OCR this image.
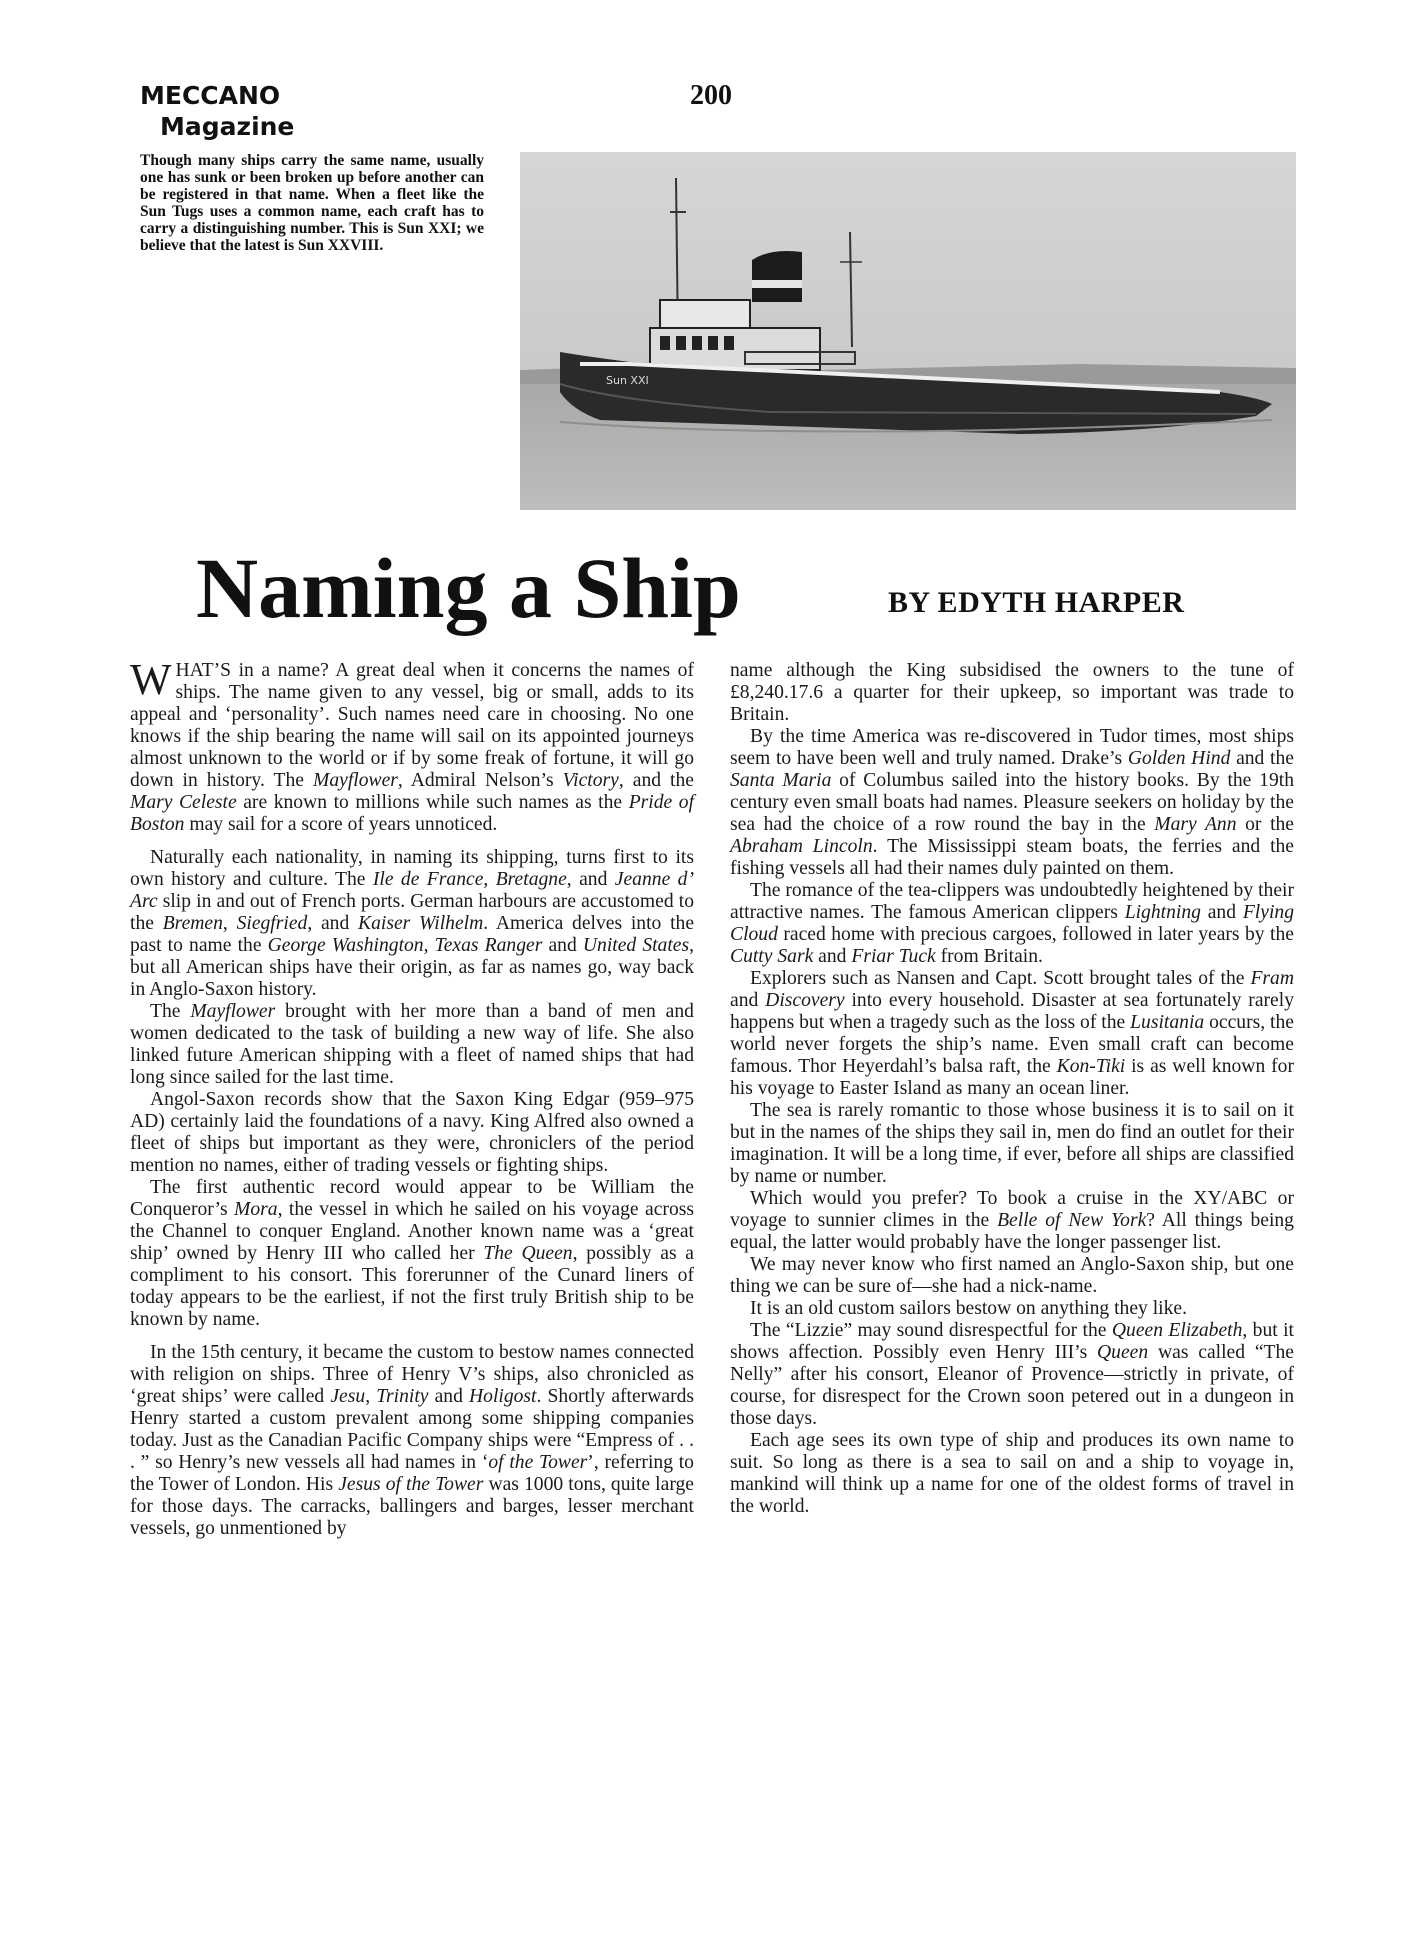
MECCANO
Magazine
200
Though many ships carry the same name, usually one has sunk or been broken up before another can be registered in that name. When a fleet like the Sun Tugs uses a common name, each craft has to carry a distinguishing number. This is Sun XXI; we believe that the latest is Sun XXVIII.
Sun XXI
Naming a Ship	BY EDYTH HARPER
W HAT’S in a name? A great deal when it concerns the names of ships. The name given to any vessel, big or small, adds to its appeal and ‘personality’. Such names need care in choosing. No one knows if the ship bearing the name will sail on its appointed journeys almost unknown to the world or if by some freak of fortune, it will go down in history. The Mayflower, Admiral Nelson’s Victory, and the Mary Celeste are known to millions while such names as the Pride of Boston may sail for a score of years unnoticed.

Naturally each nationality, in naming its shipping, turns first to its own history and culture. The Ile de France, Bretagne, and Jeanne d’ Arc slip in and out of French ports. German harbours are accustomed to the Bremen, Siegfried, and Kaiser Wilhelm. America delves into the past to name the George Washington, Texas Ranger and United States, but all American ships have their origin, as far as names go, way back in Anglo-Saxon history.

The Mayflower brought with her more than a band of men and women dedicated to the task of building a new way of life. She also linked future American shipping with a fleet of named ships that had long since sailed for the last time.

Angol-Saxon records show that the Saxon King Edgar (959–975 AD) certainly laid the foundations of a navy. King Alfred also owned a fleet of ships but important as they were, chroniclers of the period mention no names, either of trading vessels or fighting ships.

The first authentic record would appear to be William the Conqueror’s Mora, the vessel in which he sailed on his voyage across the Channel to conquer England. Another known name was a ‘great ship’ owned by Henry III who called her The Queen, possibly as a compliment to his consort. This forerunner of the Cunard liners of today appears to be the earliest, if not the first truly British ship to be known by name.

In the 15th century, it became the custom to bestow names connected with religion on ships. Three of Henry V’s ships, also chronicled as ‘great ships’ were called Jesu, Trinity and Holigost. Shortly afterwards Henry started a custom prevalent among some shipping companies today. Just as the Canadian Pacific Company ships were “Empress of . . . ” so Henry’s new vessels all had names in ‘of the Tower’, referring to the Tower of London. His Jesus of the Tower was 1000 tons, quite large for those days. The carracks, ballingers and barges, lesser merchant vessels, go unmentioned by

name although the King subsidised the owners to the tune of £8,240.17.6 a quarter for their upkeep, so important was trade to Britain.

By the time America was re-discovered in Tudor times, most ships seem to have been well and truly named. Drake’s Golden Hind and the Santa Maria of Columbus sailed into the history books. By the 19th century even small boats had names. Pleasure seekers on holiday by the sea had the choice of a row round the bay in the Mary Ann or the Abraham Lincoln. The Mississippi steam boats, the ferries and the fishing vessels all had their names duly painted on them.

The romance of the tea-clippers was undoubtedly heightened by their attractive names. The famous American clippers Lightning and Flying Cloud raced home with precious cargoes, followed in later years by the Cutty Sark and Friar Tuck from Britain.

Explorers such as Nansen and Capt. Scott brought tales of the Fram and Discovery into every household. Disaster at sea fortunately rarely happens but when a tragedy such as the loss of the Lusitania occurs, the world never forgets the ship’s name. Even small craft can become famous. Thor Heyerdahl’s balsa raft, the Kon-Tiki is as well known for his voyage to Easter Island as many an ocean liner.

The sea is rarely romantic to those whose business it is to sail on it but in the names of the ships they sail in, men do find an outlet for their imagination. It will be a long time, if ever, before all ships are classified by name or number.

Which would you prefer? To book a cruise in the XY/ABC or voyage to sunnier climes in the Belle of New York? All things being equal, the latter would probably have the longer passenger list.

We may never know who first named an Anglo-Saxon ship, but one thing we can be sure of—she had a nick-name.

It is an old custom sailors bestow on anything they like.

The “Lizzie” may sound disrespectful for the Queen Elizabeth, but it shows affection. Possibly even Henry III’s Queen was called “The Nelly” after his consort, Eleanor of Provence—strictly in private, of course, for disrespect for the Crown soon petered out in a dungeon in those days.

Each age sees its own type of ship and produces its own name to suit. So long as there is a sea to sail on and a ship to voyage in, mankind will think up a name for one of the oldest forms of travel in the world.
